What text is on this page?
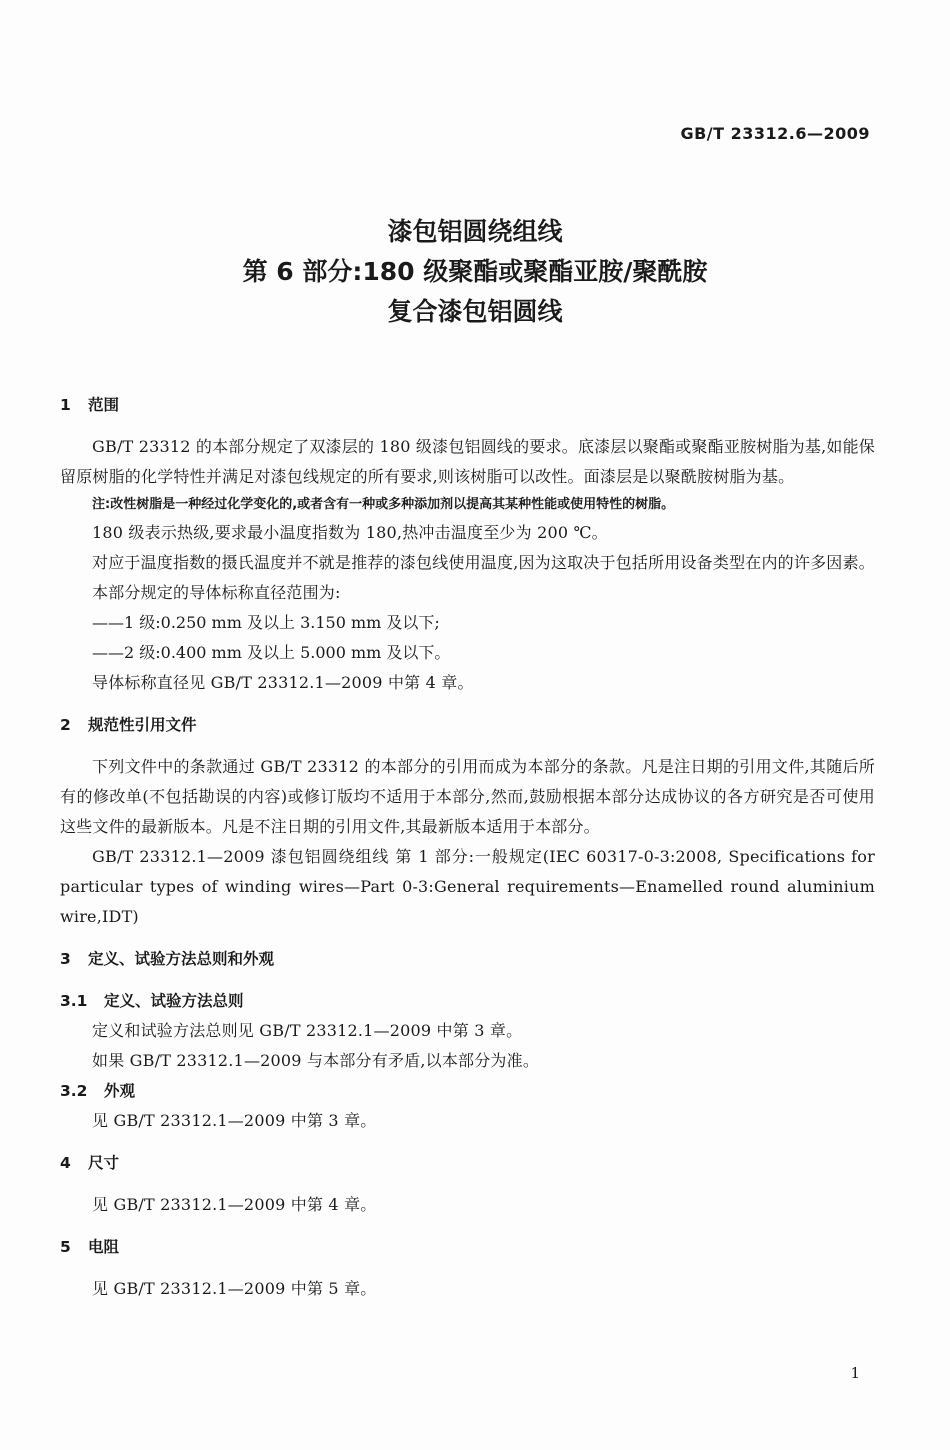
GB/T 23312.6—2009
漆包铝圆绕组线
第 6 部分:180 级聚酯或聚酯亚胺/聚酰胺
复合漆包铝圆线
1 范围
GB/T 23312 的本部分规定了双漆层的 180 级漆包铝圆线的要求。底漆层以聚酯或聚酯亚胺树脂为基,如能保留原树脂的化学特性并满足对漆包线规定的所有要求,则该树脂可以改性。面漆层是以聚酰胺树脂为基。
注:改性树脂是一种经过化学变化的,或者含有一种或多种添加剂以提高其某种性能或使用特性的树脂。
180 级表示热级,要求最小温度指数为 180,热冲击温度至少为 200 ℃。
对应于温度指数的摄氏温度并不就是推荐的漆包线使用温度,因为这取决于包括所用设备类型在内的许多因素。
本部分规定的导体标称直径范围为:
——1 级:0.250 mm 及以上 3.150 mm 及以下;
——2 级:0.400 mm 及以上 5.000 mm 及以下。
导体标称直径见 GB/T 23312.1—2009 中第 4 章。
2 规范性引用文件
下列文件中的条款通过 GB/T 23312 的本部分的引用而成为本部分的条款。凡是注日期的引用文件,其随后所有的修改单(不包括勘误的内容)或修订版均不适用于本部分,然而,鼓励根据本部分达成协议的各方研究是否可使用这些文件的最新版本。凡是不注日期的引用文件,其最新版本适用于本部分。
GB/T 23312.1—2009 漆包铝圆绕组线 第 1 部分:一般规定(IEC 60317-0-3:2008, Specifications for particular types of winding wires—Part 0-3:General requirements—Enamelled round aluminium wire,IDT)
3 定义、试验方法总则和外观
3.1 定义、试验方法总则
定义和试验方法总则见 GB/T 23312.1—2009 中第 3 章。
如果 GB/T 23312.1—2009 与本部分有矛盾,以本部分为准。
3.2 外观
见 GB/T 23312.1—2009 中第 3 章。
4 尺寸
见 GB/T 23312.1—2009 中第 4 章。
5 电阻
见 GB/T 23312.1—2009 中第 5 章。
1
